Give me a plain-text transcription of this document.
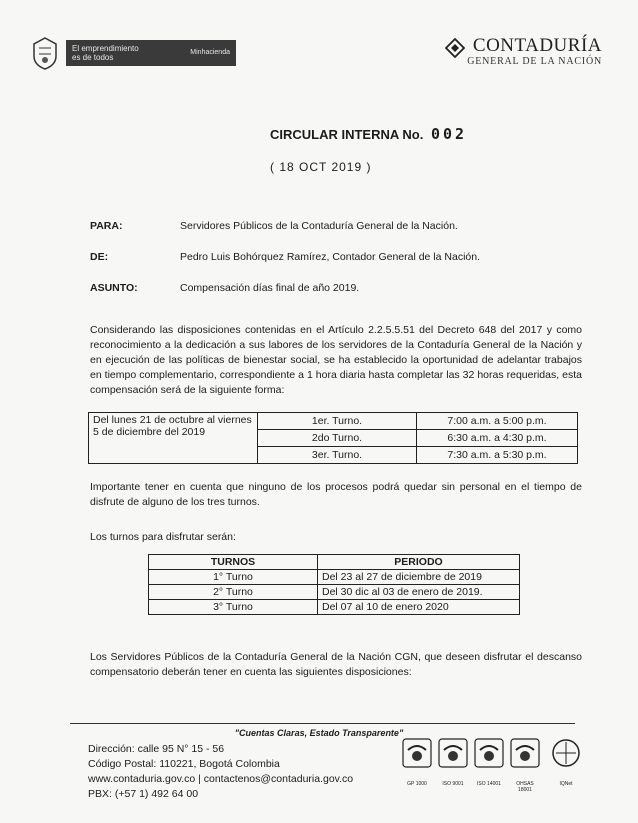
El emprendimiento
es de todos
Minhacienda	CONTADURÍA
GENERAL DE LA NACIÓN
CIRCULAR INTERNA No. 002
( 18 OCT 2019 )
PARA:	Servidores Públicos de la Contaduría General de la Nación.
DE:	Pedro Luis Bohórquez Ramírez, Contador General de la Nación.
ASUNTO:	Compensación días final de año 2019.
Considerando las disposiciones contenidas en el Artículo 2.2.5.5.51 del Decreto 648 del 2017 y como reconocimiento a la dedicación a sus labores de los servidores de la Contaduría General de la Nación y en ejecución de las políticas de bienestar social, se ha establecido la oportunidad de adelantar trabajos en tiempo complementario, correspondiente a 1 hora diaria hasta completar las 32 horas requeridas, esta compensación será de la siguiente forma:
Del lunes 21 de octubre al viernes 5 de diciembre del 2019	1er. Turno.	7:00 a.m. a 5:00 p.m.
	2do Turno.	6:30 a.m. a 4:30 p.m.
	3er. Turno.	7:30 a.m. a 5:30 p.m.
Importante tener en cuenta que ninguno de los procesos podrá quedar sin personal en el tiempo de disfrute de alguno de los tres turnos.
Los turnos para disfrutar serán:
TURNOS	PERIODO
1° Turno	Del 23 al 27 de diciembre de 2019
2° Turno	Del 30 dic al 03 de enero de 2019.
3° Turno	Del 07 al 10 de enero 2020
Los Servidores Públicos de la Contaduría General de la Nación CGN, que deseen disfrutar el descanso compensatorio deberán tener en cuenta las siguientes disposiciones:
"Cuentas Claras, Estado Transparente"
Dirección: calle 95 N° 15 - 56
Código Postal: 110221, Bogotá Colombia
www.contaduria.gov.co | contactenos@contaduria.gov.co
PBX: (+57 1) 492 64 00
GP 1000	ISO 9001	ISO 14001	OHSAS 18001
IQNet
